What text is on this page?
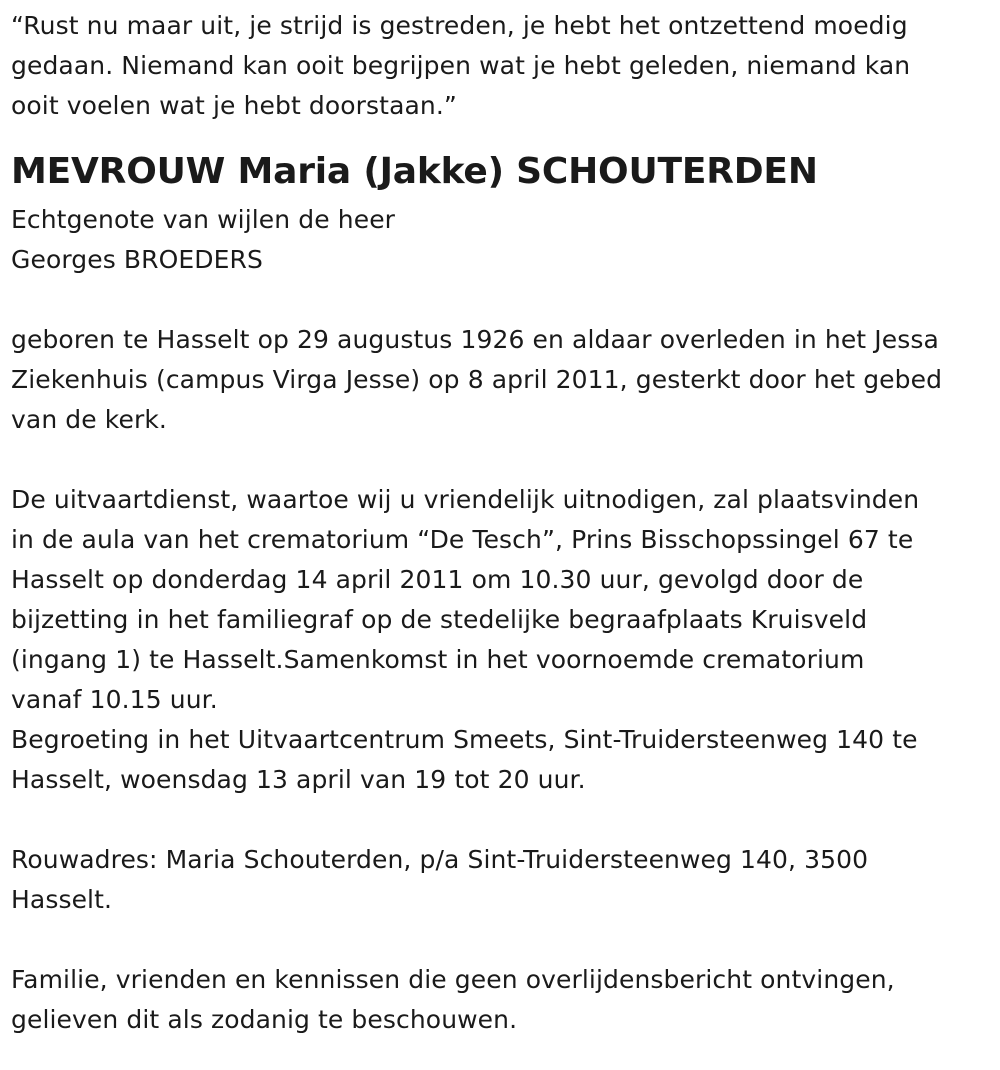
“Rust nu maar uit, je strijd is gestreden, je hebt het ontzettend moedig
gedaan. Niemand kan ooit begrijpen wat je hebt geleden, niemand kan
ooit voelen wat je hebt doorstaan.”
MEVROUW Maria (Jakke) SCHOUTERDEN
Echtgenote van wijlen de heer
Georges BROEDERS
geboren te Hasselt op 29 augustus 1926 en aldaar overleden in het Jessa
Ziekenhuis (campus Virga Jesse) op 8 april 2011, gesterkt door het gebed
van de kerk.
De uitvaartdienst, waartoe wij u vriendelijk uitnodigen, zal plaatsvinden
in de aula van het crematorium “De Tesch”, Prins Bisschopssingel 67 te
Hasselt op donderdag 14 april 2011 om 10.30 uur, gevolgd door de
bijzetting in het familiegraf op de stedelijke begraafplaats Kruisveld
(ingang 1) te Hasselt.Samenkomst in het voornoemde crematorium
vanaf 10.15 uur.
Begroeting in het Uitvaartcentrum Smeets, Sint-Truidersteenweg 140 te
Hasselt, woensdag 13 april van 19 tot 20 uur.
Rouwadres: Maria Schouterden, p/a Sint-Truidersteenweg 140, 3500
Hasselt.
Familie, vrienden en kennissen die geen overlijdensbericht ontvingen,
gelieven dit als zodanig te beschouwen.
